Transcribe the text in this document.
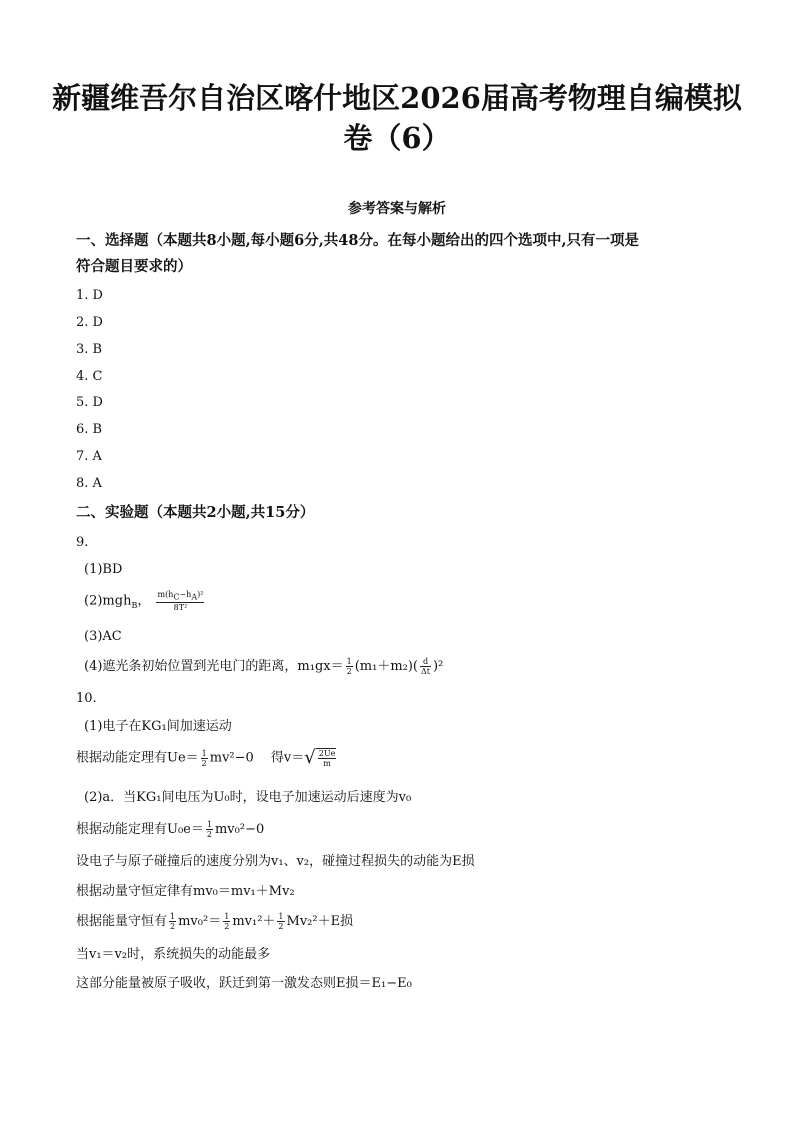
新疆维吾尔自治区喀什地区2026届高考物理自编模拟
卷（6）
参考答案与解析
一、选择题（本题共8小题,每小题6分,共48分。在每小题给出的四个选项中,只有一项是
符合题目要求的）
1. D
2. D
3. B
4. C
5. D
6. B
7. A
8. A
二、实验题（本题共2小题,共15分）
9.
(1)BD
(2)mgh$_B$， $\frac{m(h_C-h_A)^2}{\text{8T²}}$
(3)AC
(4)遮光条初始位置到光电门的距离，$m_1gx= \frac{1}{2} (m_1+m_2)( \frac{d}{\Delta t} )^2$
10.
(1)电子在KG₁间加速运动
根据动能定理有$Ue= \frac{1}{2} mv^2-0$　 得$v=√ \frac{2Ue}{m}$
(2)a．当KG₁间电压为U₀时，设电子加速运动后速度为v₀
根据动能定理有$U_0e= \frac{1}{2} mv_0^2-0$
设电子与原子碰撞后的速度分别为v₁、v₂，碰撞过程损失的动能为E损
根据动量守恒定律有mv₀＝mv₁＋Mv₂
根据能量守恒有 $\frac{1}{2} mv_0^2= \frac{1}{2} mv_1^2+ \frac{1}{2} Mv_2^2+E$损
当v₁＝v₂时，系统损失的动能最多
这部分能量被原子吸收，跃迁到第一激发态则E损＝E₁−E₀
